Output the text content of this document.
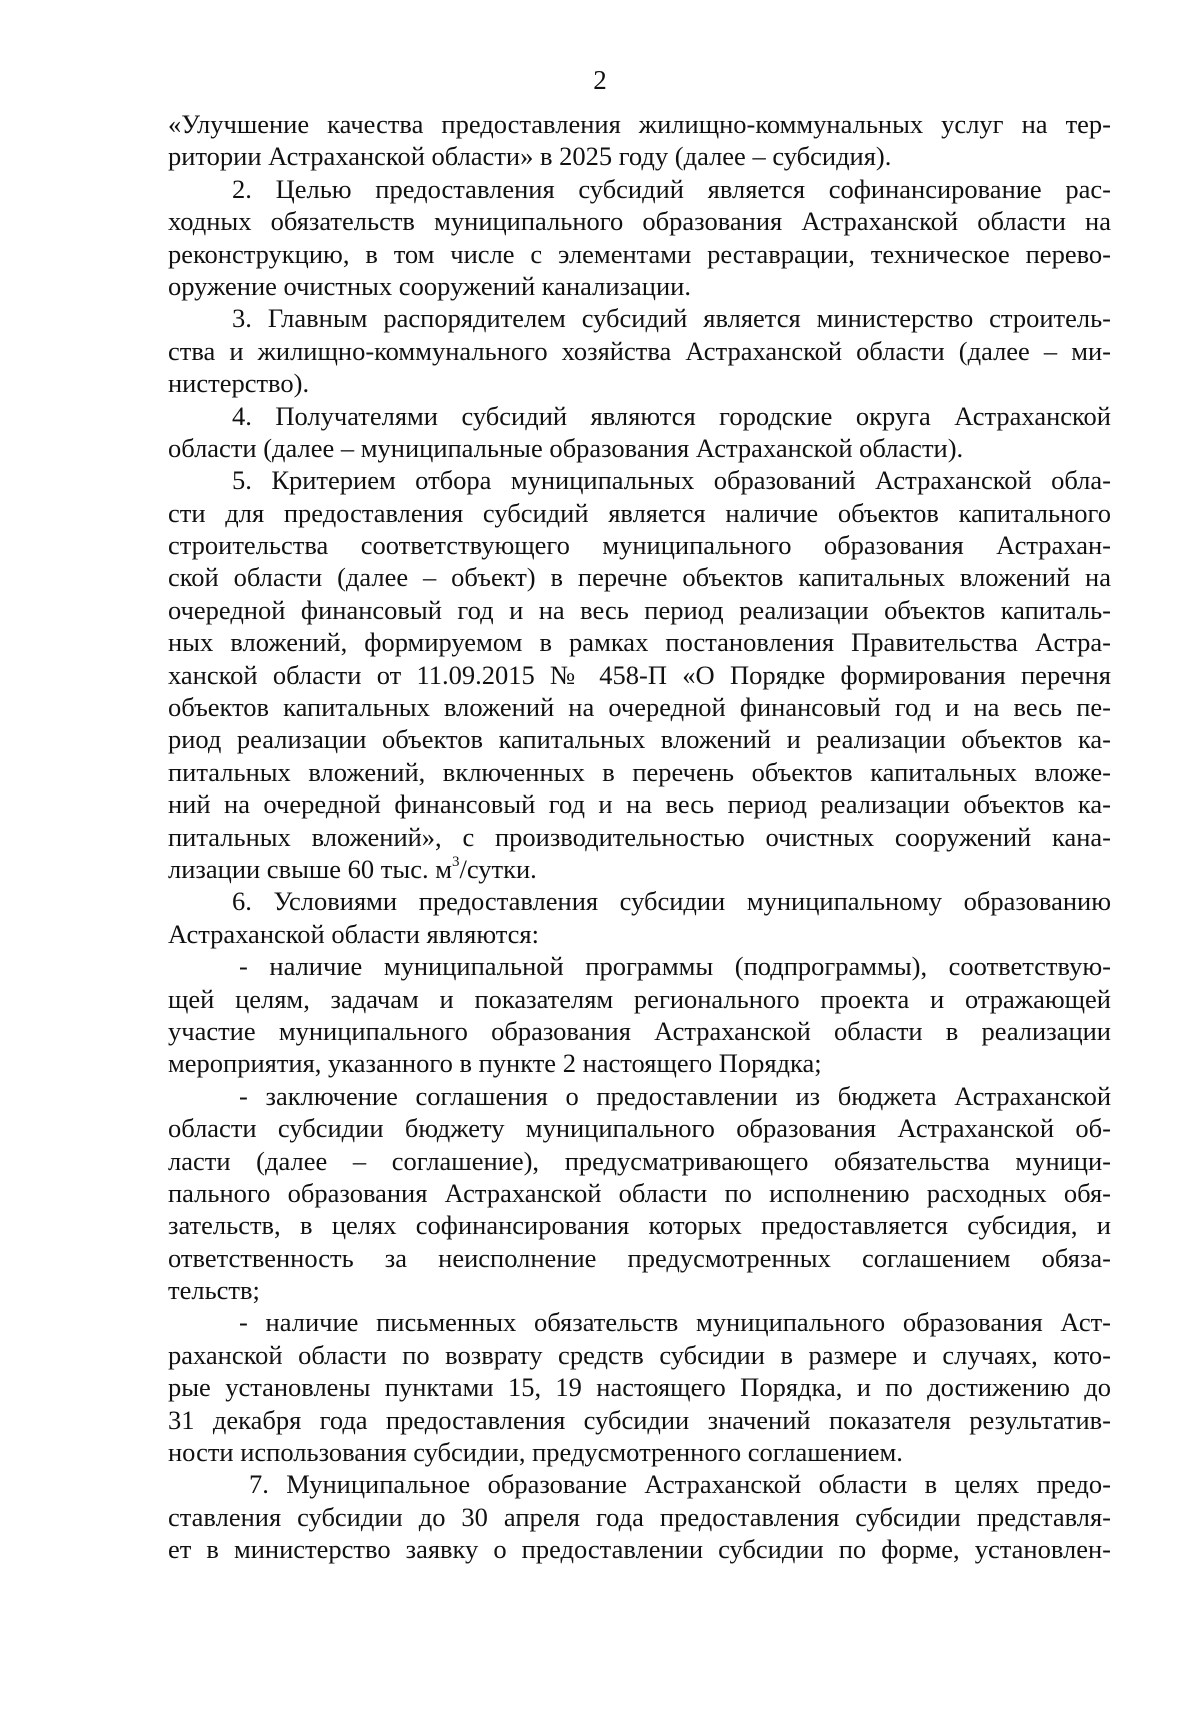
2
«Улучшение качества предоставления жилищно-коммунальных услуг на тер-
ритории Астраханской области» в 2025 году (далее – субсидия).
2. Целью предоставления субсидий является софинансирование рас-
ходных обязательств муниципального образования Астраханской области на
реконструкцию, в том числе с элементами реставрации, техническое перево-
оружение очистных сооружений канализации.
3. Главным распорядителем субсидий является министерство строитель-
ства и жилищно-коммунального хозяйства Астраханской области (далее – ми-
нистерство).
4. Получателями субсидий являются городские округа Астраханской
области (далее – муниципальные образования Астраханской области).
5. Критерием отбора муниципальных образований Астраханской обла-
сти для предоставления субсидий является наличие объектов капитального
строительства соответствующего муниципального образования Астрахан-
ской области (далее – объект) в перечне объектов капитальных вложений на
очередной финансовый год и на весь период реализации объектов капиталь-
ных вложений, формируемом в рамках постановления Правительства Астра-
ханской области от 11.09.2015 № 458-П «О Порядке формирования перечня
объектов капитальных вложений на очередной финансовый год и на весь пе-
риод реализации объектов капитальных вложений и реализации объектов ка-
питальных вложений, включенных в перечень объектов капитальных вложе-
ний на очередной финансовый год и на весь период реализации объектов ка-
питальных вложений», с производительностью очистных сооружений кана-
лизации свыше 60 тыс. $м^3$/сутки.
6. Условиями предоставления субсидии муниципальному образованию
Астраханской области являются:
- наличие муниципальной программы (подпрограммы), соответствую-
щей целям, задачам и показателям регионального проекта и отражающей
участие муниципального образования Астраханской области в реализации
мероприятия, указанного в пункте 2 настоящего Порядка;
- заключение соглашения о предоставлении из бюджета Астраханской
области субсидии бюджету муниципального образования Астраханской об-
ласти (далее – соглашение), предусматривающего обязательства муници-
пального образования Астраханской области по исполнению расходных обя-
зательств, в целях софинансирования которых предоставляется субсидия, и
ответственность за неисполнение предусмотренных соглашением обяза-
тельств;
- наличие письменных обязательств муниципального образования Аст-
раханской области по возврату средств субсидии в размере и случаях, кото-
рые установлены пунктами 15, 19 настоящего Порядка, и по достижению до
31 декабря года предоставления субсидии значений показателя результатив-
ности использования субсидии, предусмотренного соглашением.
7. Муниципальное образование Астраханской области в целях предо-
ставления субсидии до 30 апреля года предоставления субсидии представля-
ет в министерство заявку о предоставлении субсидии по форме, установлен-
